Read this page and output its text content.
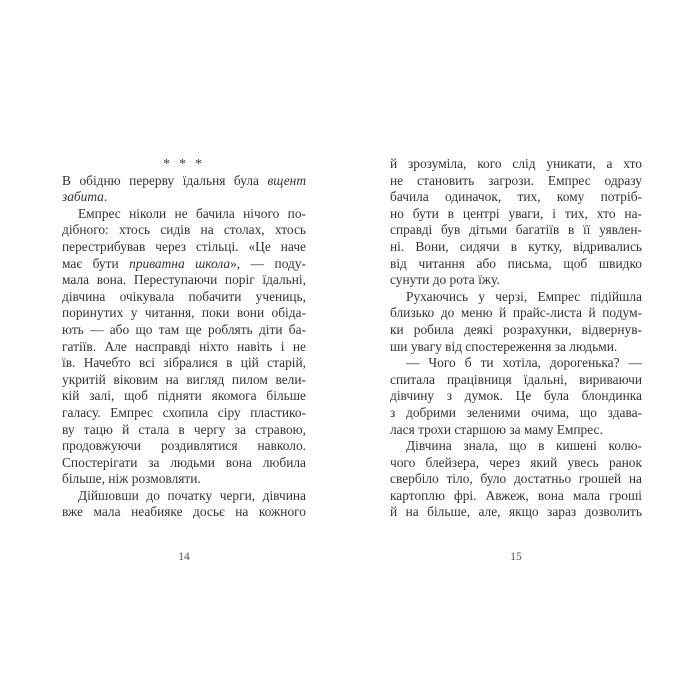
* * *
В обідню перерву їдальня була вщент
забита.
Емпрес ніколи не бачила нічого по-
дібного: хтось сидів на столах, хтось
перестрибував через стільці. «Це наче
має бути приватна школа», — поду-
мала вона. Переступаючи поріг їдальні,
дівчина очікувала побачити учениць,
поринутих у читання, поки вони обіда-
ють — або що там ще роблять діти ба-
гатіїв. Але насправді ніхто навіть і не
їв. Начебто всі зібралися в цій старій,
укритій віковим на вигляд пилом вели-
кій залі, щоб підняти якомога більше
галасу. Емпрес схопила сіру пластико-
ву тацю й стала в чергу за стравою,
продовжуючи роздивлятися навколо.
Спостерігати за людьми вона любила
більше, ніж розмовляти.
Дійшовши до початку черги, дівчина
вже мала неабияке досьє на кожного
14
й зрозуміла, кого слід уникати, а хто
не становить загрози. Емпрес одразу
бачила одиначок, тих, кому потріб-
но бути в центрі уваги, і тих, хто на-
справді був дітьми багатіїв в її уявлен-
ні. Вони, сидячи в кутку, відривались
від читання або письма, щоб швидко
сунути до рота їжу.
Рухаючись у черзі, Емпрес підійшла
близько до меню й прайс-листа й подум-
ки робила деякі розрахунки, відвернув-
ши увагу від спостереження за людьми.
— Чого б ти хотіла, дорогенька? —
спитала працівниця їдальні, вириваючи
дівчину з думок. Це була блондинка
з добрими зеленими очима, що здава-
лася трохи старшою за маму Емпрес.
Дівчина знала, що в кишені колю-
чого блейзера, через який увесь ранок
свербіло тіло, було достатньо грошей на
картоплю фрі. Авжеж, вона мала гроші
й на більше, але, якщо зараз дозволить
15
